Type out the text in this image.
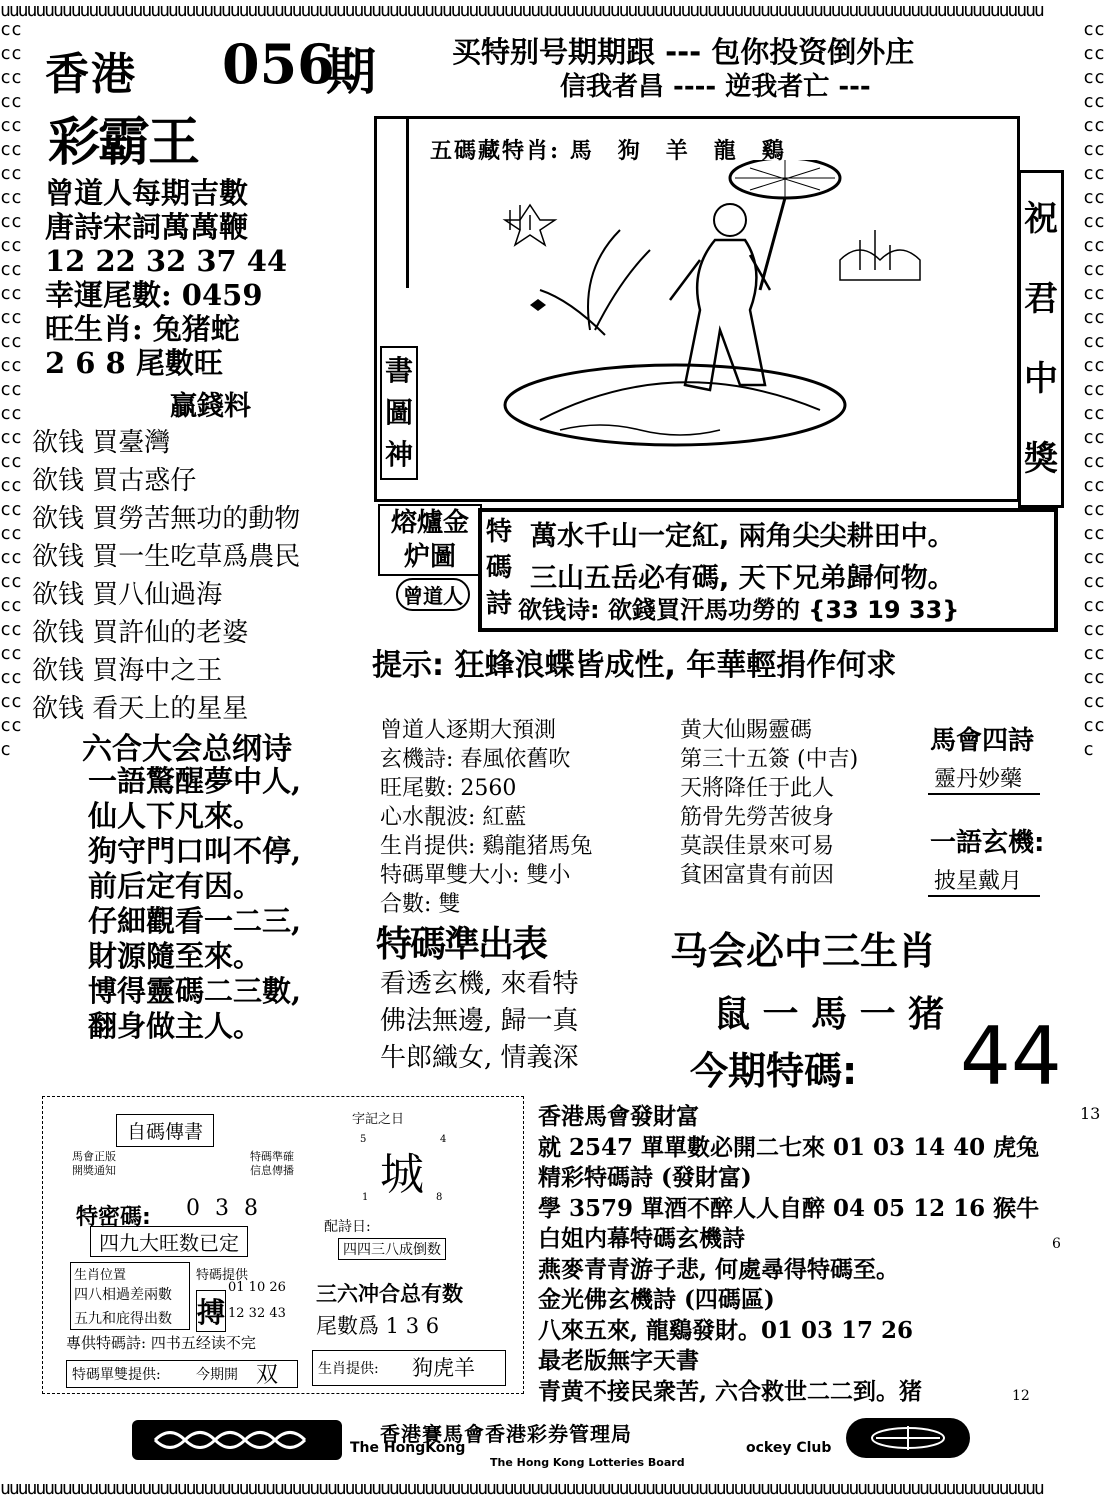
uuuuuuuuuuuuuuuuuuuuuuuuuuuuuuuuuuuuuuuuuuuuuuuuuuuuuuuuuuuuuuuuuuuuuuuuuuuuuuuuuuuuuuuuuuuuuuuuuuuuuuuuuuuuuuuuuuuuuu
uuuuuuuuuuuuuuuuuuuuuuuuuuuuuuuuuuuuuuuuuuuuuuuuuuuuuuuuuuuuuuuuuuuuuuuuuuuuuuuuuuuuuuuuuuuuuuuuuuuuuuuuuuuuuuuuuuuuuu
ccccccccccccccccccccccccccccccccccccccccccccccccccccccccccccc
ccccccccccccccccccccccccccccccccccccccccccccccccccccccccccccc
香港 056
期
彩霸王
买特别号期期跟 --- 包你投资倒外庄
信我者昌 ---- 逆我者亡 ---
曾道人每期吉數
唐詩宋詞萬萬鞭
12 22 32 37 44
幸運尾數: 0459
旺生肖: 兔猪蛇
2 6 8 尾數旺
贏錢料
欲钱 買臺灣
欲钱 買古惑仔
欲钱 買勞苦無功的動物
欲钱 買一生吃草爲農民
欲钱 買八仙過海
欲钱 買許仙的老婆
欲钱 買海中之王
欲钱 看天上的星星
五碼藏特肖: 馬　狗　羊　龍　鷄
書圖神
祝君中獎
熔爐金炉圖
曾道人
特
碼
詩
萬水千山一定紅, 兩角尖尖耕田中。
三山五岳必有碼, 天下兄弟歸何物。
欲钱诗: 欲錢買汗馬功勞的 {33 19 33}
提示: 狂蜂浪蝶皆成性, 年華輕捐作何求
六合大会总纲诗
一語驚醒夢中人,
仙人下凡來。
狗守門口叫不停,
前后定有因。
仔細觀看一二三,
財源隨至來。
博得靈碼二三數,
翻身做主人。
曾道人逐期大預測
玄機詩: 春風依舊吹
旺尾數: 2560
心水靚波: 紅藍
生肖提供: 鷄龍猪馬兔
特碼單雙大小: 雙小
合數: 雙
黄大仙賜靈碼
第三十五簽 (中吉)
天將降任于此人
筋骨先勞苦彼身
莫誤佳景來可易
貧困富貴有前因
馬會四詩
靈丹妙藥
一語玄機:
披星戴月
特碼準出表
看透玄機, 來看特
佛法無邊, 歸一真
牛郎織女, 情義深
马会必中三生肖
鼠 一 馬 一 猪
今期特碼: 44
自碼傳書
馬會正版
開獎通知
特碼準確
信息傳播
特密碼: 0 3 8
四九大旺数已定
生肖位置
四八相過差兩數
五九和庇得出数
特碼提供
搏
01 10 26
12 32 43
專供特碼詩: 四书五经读不完
特碼單雙提供:	今期開 双
字記之日
5	4
城
1	8
配詩日:
四四三八成倒数
三六冲合总有数
尾數爲 1 3 6
生肖提供: 狗虎羊
香港馬會發財富
就 2547 單單數必開二七來 01 03 14 40 虎兔
精彩特碼詩 (發財富)
學 3579 單酒不醉人人自醉 04 05 12 16 猴牛
白姐内幕特碼玄機詩
燕麥青青游子悲, 何處尋得特碼至。
金光佛玄機詩 (四碼區)
八來五來, 龍鷄發財。01 03 17 26
最老版無字天書
青黄不接民衆苦, 六合救世二二到。猪
13
6
12
香港賽馬會香港彩券管理局
The HongKong	ockey Club
The Hong Kong Lotteries Board
